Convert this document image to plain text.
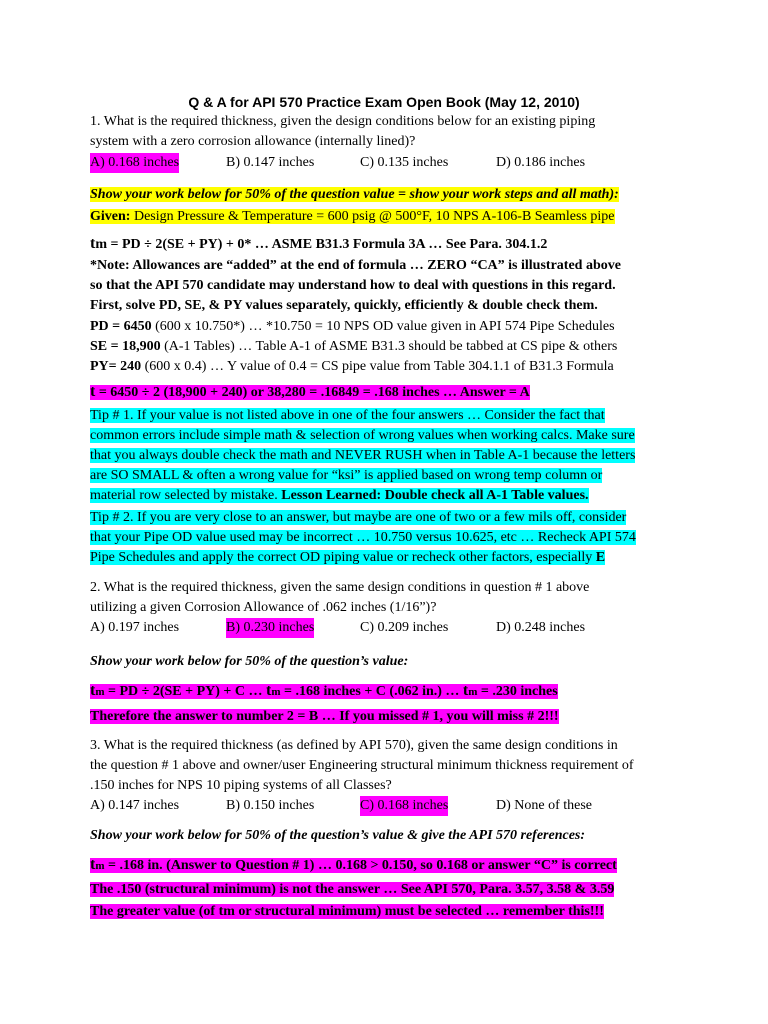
Q & A for API 570 Practice Exam Open Book (May 12, 2010)

1. What is the required thickness, given the design conditions below for an existing piping

system with a zero corrosion allowance (internally lined)?

A) 0.168 inches	B) 0.147 inches	C) 0.135 inches	D) 0.186 inches

Show your work below for 50% of the question value = show your work steps and all math):

Given: Design Pressure & Temperature = 600 psig @ 500°F, 10 NPS A-106-B Seamless pipe

tm = PD ÷ 2(SE + PY) + 0* … ASME B31.3 Formula 3A … See Para. 304.1.2

*Note: Allowances are “added” at the end of formula … ZERO “CA” is illustrated above

so that the API 570 candidate may understand how to deal with questions in this regard.

First, solve PD, SE, & PY values separately, quickly, efficiently & double check them.

PD = 6450 (600 x 10.750*) … *10.750 = 10 NPS OD value given in API 574 Pipe Schedules

SE = 18,900 (A-1 Tables) … Table A-1 of ASME B31.3 should be tabbed at CS pipe & others

PY= 240 (600 x 0.4) … Y value of 0.4 = CS pipe value from Table 304.1.1 of B31.3 Formula

t = 6450 ÷ 2 (18,900 + 240) or 38,280 = .16849 = .168 inches … Answer = A

Tip # 1. If your value is not listed above in one of the four answers … Consider the fact that

common errors include simple math & selection of wrong values when working calcs. Make sure

that you always double check the math and NEVER RUSH when in Table A-1 because the letters

are SO SMALL & often a wrong value for “ksi” is applied based on wrong temp column or

material row selected by mistake. Lesson Learned: Double check all A-1 Table values.

Tip # 2. If you are very close to an answer, but maybe are one of two or a few mils off, consider

that your Pipe OD value used may be incorrect … 10.750 versus 10.625, etc … Recheck API 574

Pipe Schedules and apply the correct OD piping value or recheck other factors, especially E

2. What is the required thickness, given the same design conditions in question # 1 above

utilizing a given Corrosion Allowance of .062 inches (1/16”)?

A) 0.197 inches	B) 0.230 inches	C) 0.209 inches	D) 0.248 inches

Show your work below for 50% of the question’s value:

tm = PD ÷ 2(SE + PY) + C … tm = .168 inches + C (.062 in.) … tm = .230 inches

Therefore the answer to number 2 = B … If you missed # 1, you will miss # 2!!!

3. What is the required thickness (as defined by API 570), given the same design conditions in

the question # 1 above and owner/user Engineering structural minimum thickness requirement of

.150 inches for NPS 10 piping systems of all Classes?

A) 0.147 inches	B) 0.150 inches	C) 0.168 inches	D) None of these

Show your work below for 50% of the question’s value & give the API 570 references:

tm = .168 in. (Answer to Question # 1) … 0.168 > 0.150, so 0.168 or answer “C” is correct

The .150 (structural minimum) is not the answer … See API 570, Para. 3.57, 3.58 & 3.59

The greater value (of tm or structural minimum) must be selected … remember this!!!
